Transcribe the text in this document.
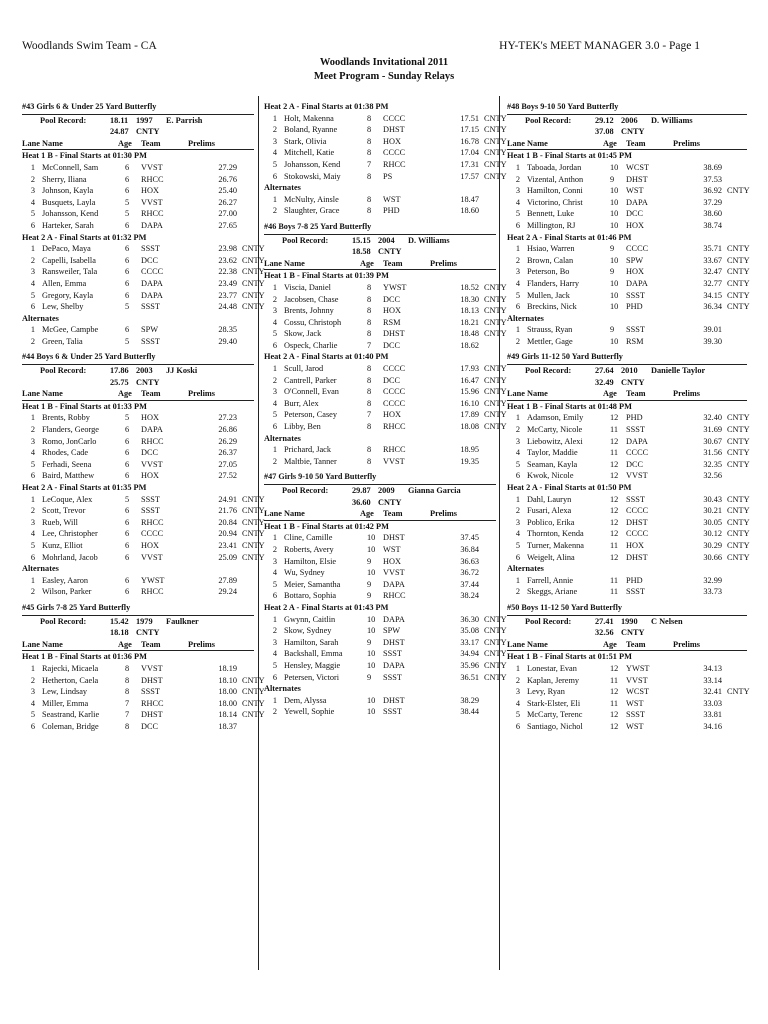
Woodlands Swim Team - CA	HY-TEK's MEET MANAGER 3.0 - Page 1
Woodlands Invitational 2011
Meet Program - Sunday Relays
#43 Girls 6 & Under 25 Yard Butterfly
Pool Record:	18.11 1997 E. Parrish
24.87 CNTY
Lane Name	Age Team	Prelims
Heat 1 B - Final Starts at 01:30 PM
1 McConnell, Sam	6	VVST	27.29
2 Sherry, Iliana	6	RHCC	26.76
3 Johnson, Kayla	6	HOX	25.40
4 Busquets, Layla	5	VVST	26.27
5 Johansson, Kend	5	RHCC	27.00
6 Harteker, Sarah	6	DAPA	27.65
Heat 2 A - Final Starts at 01:32 PM
1 DePaco, Maya	6	SSST	23.98 CNTY
2 Capelli, Isabella	6	DCC	23.62 CNTY
3 Ransweiler, Tala	6	CCCC	22.38 CNTY
4 Allen, Emma	6	DAPA	23.49 CNTY
5 Gregory, Kayla	6	DAPA	23.77 CNTY
6 Lew, Shelby	5	SSST	24.48 CNTY
Alternates
1 McGee, Campbe	6	SPW	28.35
2 Green, Talia	5	SSST	29.40
#44 Boys 6 & Under 25 Yard Butterfly
Pool Record:	17.86 2003 JJ Koski
25.75 CNTY
Lane Name	Age Team	Prelims
Heat 1 B - Final Starts at 01:33 PM
1 Brents, Robby	5	HOX	27.23
2 Flanders, George	6	DAPA	26.86
3 Romo, JonCarlo	6	RHCC	26.29
4 Rhodes, Cade	6	DCC	26.37
5 Ferhadi, Seena	6	VVST	27.05
6 Baird, Matthew	6	HOX	27.52
Heat 2 A - Final Starts at 01:35 PM
1 LeCoque, Alex	5	SSST	24.91 CNTY
2 Scott, Trevor	6	SSST	21.76 CNTY
3 Rueb, Will	6	RHCC	20.84 CNTY
4 Lee, Christopher	6	CCCC	20.94 CNTY
5 Kunz, Elliot	6	HOX	23.41 CNTY
6 Mohrland, Jacob	6	VVST	25.09 CNTY
Alternates
1 Easley, Aaron	6	YWST	27.89
2 Wilson, Parker	6	RHCC	29.24
#45 Girls 7-8 25 Yard Butterfly
Pool Record:	15.42 1979 Faulkner
18.18 CNTY
Lane Name	Age Team	Prelims
Heat 1 B - Final Starts at 01:36 PM
1 Rajecki, Micaela	8	VVST	18.19
2 Hetherton, Caela	8	DHST	18.10 CNTY
3 Lew, Lindsay	8	SSST	18.00 CNTY
4 Miller, Emma	7	RHCC	18.00 CNTY
5 Seastrand, Karlie	7	DHST	18.14 CNTY
6 Coleman, Bridge	8	DCC	18.37
Heat 2 A - Final Starts at 01:38 PM
1 Holt, Makenna	8	CCCC	17.51 CNTY
2 Boland, Ryanne	8	DHST	17.15 CNTY
3 Stark, Olivia	8	HOX	16.78 CNTY
4 Mitchell, Katie	8	CCCC	17.04 CNTY
5 Johansson, Kend	7	RHCC	17.31 CNTY
6 Stokowski, Maiy	8	PS	17.57 CNTY
Alternates
1 McNulty, Ainsle	8	WST	18.47
2 Slaughter, Grace	8	PHD	18.60
#46 Boys 7-8 25 Yard Butterfly
Pool Record:	15.15 2004 D. Williams
18.58 CNTY
Lane Name	Age Team	Prelims
Heat 1 B - Final Starts at 01:39 PM
1 Viscia, Daniel	8	YWST	18.52 CNTY
2 Jacobsen, Chase	8	DCC	18.30 CNTY
3 Brents, Johnny	8	HOX	18.13 CNTY
4 Cossu, Christoph	8	RSM	18.21 CNTY
5 Skow, Jack	8	DHST	18.48 CNTY
6 Ospeck, Charlie	7	DCC	18.62
Heat 2 A - Final Starts at 01:40 PM
1 Scull, Jarod	8	CCCC	17.93 CNTY
2 Cantrell, Parker	8	DCC	16.47 CNTY
3 O'Connell, Evan	8	CCCC	15.96 CNTY
4 Burr, Alex	8	CCCC	16.10 CNTY
5 Peterson, Casey	7	HOX	17.89 CNTY
6 Libby, Ben	8	RHCC	18.08 CNTY
Alternates
1 Prichard, Jack	8	RHCC	18.95
2 Maltbie, Tanner	8	VVST	19.35
#47 Girls 9-10 50 Yard Butterfly
Pool Record:	29.87 2009 Gianna Garcia
36.60 CNTY
Lane Name	Age Team	Prelims
Heat 1 B - Final Starts at 01:42 PM
1 Cline, Camille	10 DHST	37.45
2 Roberts, Avery	10 WST	36.84
3 Hamilton, Elsie	9	HOX	36.63
4 Wu, Sydney	10 VVST	36.72
5 Meier, Samantha	9	DAPA	37.44
6 Bottaro, Sophia	9	RHCC	38.24
Heat 2 A - Final Starts at 01:43 PM
1 Gwynn, Caitlin	10 DAPA	36.30 CNTY
2 Skow, Sydney	10 SPW	35.08 CNTY
3 Hamilton, Sarah	9	DHST	33.17 CNTY
4 Backshall, Emma	10 SSST	34.94 CNTY
5 Hensley, Maggie	10 DAPA	35.96 CNTY
6 Petersen, Victori	9	SSST	36.51 CNTY
Alternates
1 Dem, Alyssa	10 DHST	38.29
2 Yewell, Sophie	10 SSST	38.44
#48 Boys 9-10 50 Yard Butterfly
Pool Record:	29.12 2006 D. Williams
37.08 CNTY
Lane Name	Age Team	Prelims
Heat 1 B - Final Starts at 01:45 PM
1 Taboada, Jordan	10 WCST	38.69
2 Vizental, Anthon	9	DHST	37.53
3 Hamilton, Conni	10 WST	36.92 CNTY
4 Victorino, Christ	10 DAPA	37.29
5 Bennett, Luke	10 DCC	38.60
6 Millington, RJ	10 HOX	38.74
Heat 2 A - Final Starts at 01:46 PM
1 Hsiao, Warren	9	CCCC	35.71 CNTY
2 Brown, Calan	10 SPW	33.67 CNTY
3 Peterson, Bo	9	HOX	32.47 CNTY
4 Flanders, Harry	10 DAPA	32.77 CNTY
5 Mullen, Jack	10 SSST	34.15 CNTY
6 Breckins, Nick	10 PHD	36.34 CNTY
Alternates
1 Strauss, Ryan	9	SSST	39.01
2 Mettler, Gage	10 RSM	39.30
#49 Girls 11-12 50 Yard Butterfly
Pool Record:	27.64 2010 Danielle Taylor
32.49 CNTY
Lane Name	Age Team	Prelims
Heat 1 B - Final Starts at 01:48 PM
1 Adamson, Emily	12 PHD	32.40 CNTY
2 McCarty, Nicole	11 SSST	31.69 CNTY
3 Liebowitz, Alexi	12 DAPA	30.67 CNTY
4 Taylor, Maddie	11 CCCC	31.56 CNTY
5 Seaman, Kayla	12 DCC	32.35 CNTY
6 Kwok, Nicole	12 VVST	32.56
Heat 2 A - Final Starts at 01:50 PM
1 Dahl, Lauryn	12 SSST	30.43 CNTY
2 Fusari, Alexa	12 CCCC	30.21 CNTY
3 Poblico, Erika	12 DHST	30.05 CNTY
4 Thornton, Kenda	12 CCCC	30.12 CNTY
5 Turner, Makenna	11 HOX	30.29 CNTY
6 Weigelt, Alina	12 DHST	30.66 CNTY
Alternates
1 Farrell, Annie	11 PHD	32.99
2 Skeggs, Ariane	11 SSST	33.73
#50 Boys 11-12 50 Yard Butterfly
Pool Record:	27.41 1990 C Nelsen
32.56 CNTY
Lane Name	Age Team	Prelims
Heat 1 B - Final Starts at 01:51 PM
1 Lonestar, Evan	12 YWST	34.13
2 Kaplan, Jeremy	11 VVST	33.14
3 Levy, Ryan	12 WCST	32.41 CNTY
4 Stark-Elster, Eli	11 WST	33.03
5 McCarty, Terenc	12 SSST	33.81
6 Santiago, Nichol	12 WST	34.16
